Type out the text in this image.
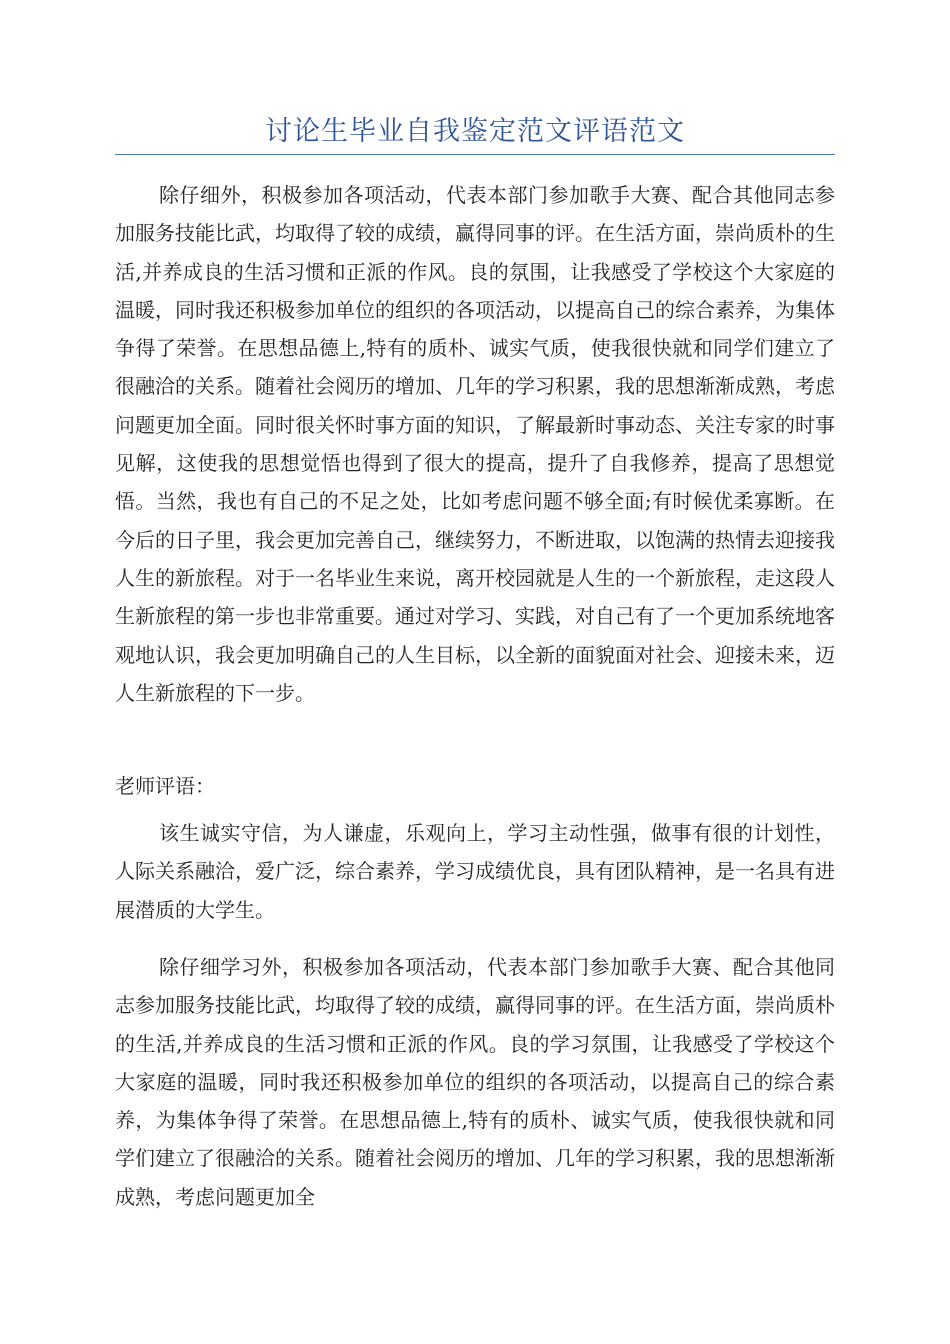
讨论生毕业自我鉴定范文评语范文

除仔细外，积极参加各项活动，代表本部门参加歌手大赛、配合其他同志参加服务技能比武，均取得了较的成绩，赢得同事的评。在生活方面，崇尚质朴的生活,并养成良的生活习惯和正派的作风。良的氛围，让我感受了学校这个大家庭的温暖，同时我还积极参加单位的组织的各项活动，以提高自己的综合素养，为集体争得了荣誉。在思想品德上,特有的质朴、诚实气质，使我很快就和同学们建立了很融洽的关系。随着社会阅历的增加、几年的学习积累，我的思想渐渐成熟，考虑问题更加全面。同时很关怀时事方面的知识，了解最新时事动态、关注专家的时事见解，这使我的思想觉悟也得到了很大的提高，提升了自我修养，提高了思想觉悟。当然，我也有自己的不足之处，比如考虑问题不够全面;有时候优柔寡断。在今后的日子里，我会更加完善自己，继续努力，不断进取，以饱满的热情去迎接我人生的新旅程。对于一名毕业生来说，离开校园就是人生的一个新旅程，走这段人生新旅程的第一步也非常重要。通过对学习、实践，对自己有了一个更加系统地客观地认识，我会更加明确自己的人生目标，以全新的面貌面对社会、迎接未来，迈人生新旅程的下一步。

老师评语：

该生诚实守信，为人谦虚，乐观向上，学习主动性强，做事有很的计划性，人际关系融洽，爱广泛，综合素养，学习成绩优良，具有团队精神，是一名具有进展潜质的大学生。

除仔细学习外，积极参加各项活动，代表本部门参加歌手大赛、配合其他同志参加服务技能比武，均取得了较的成绩，赢得同事的评。在生活方面，崇尚质朴的生活,并养成良的生活习惯和正派的作风。良的学习氛围，让我感受了学校这个大家庭的温暖，同时我还积极参加单位的组织的各项活动，以提高自己的综合素养，为集体争得了荣誉。在思想品德上,特有的质朴、诚实气质，使我很快就和同学们建立了很融洽的关系。随着社会阅历的增加、几年的学习积累，我的思想渐渐成熟，考虑问题更加全
